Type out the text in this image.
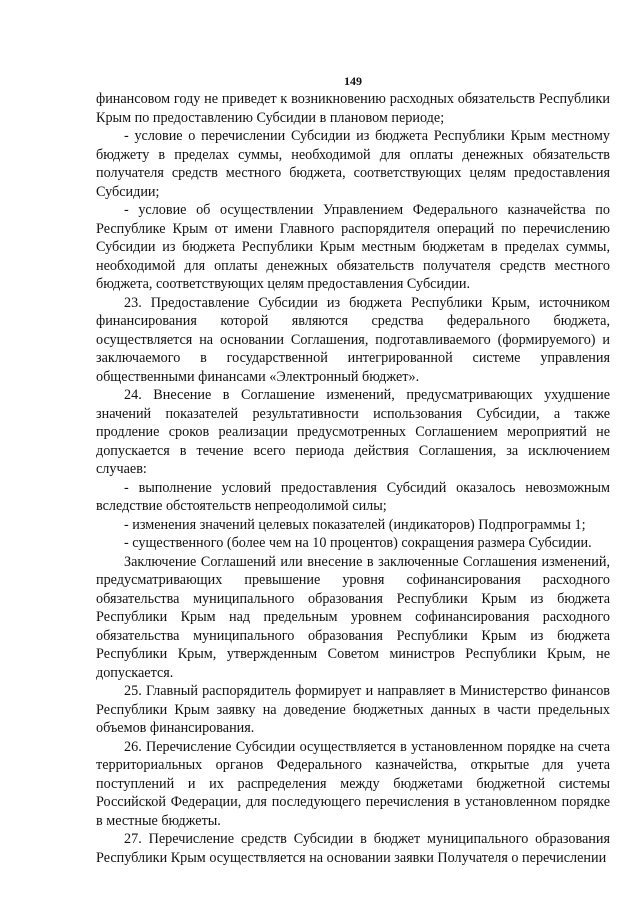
149

финансовом году не приведет к возникновению расходных обязательств Республики Крым по предоставлению Субсидии в плановом периоде;

- условие о перечислении Субсидии из бюджета Республики Крым местному бюджету в пределах суммы, необходимой для оплаты денежных обязательств получателя средств местного бюджета, соответствующих целям предоставления Субсидии;

- условие об осуществлении Управлением Федерального казначейства по Республике Крым от имени Главного распорядителя операций по перечислению Субсидии из бюджета Республики Крым местным бюджетам в пределах суммы, необходимой для оплаты денежных обязательств получателя средств местного бюджета, соответствующих целям предоставления Субсидии.

23. Предоставление Субсидии из бюджета Республики Крым, источником финансирования которой являются средства федерального бюджета, осуществляется на основании Соглашения, подготавливаемого (формируемого) и заключаемого в государственной интегрированной системе управления общественными финансами «Электронный бюджет».

24. Внесение в Соглашение изменений, предусматривающих ухудшение значений показателей результативности использования Субсидии, а также продление сроков реализации предусмотренных Соглашением мероприятий не допускается в течение всего периода действия Соглашения, за исключением случаев:

- выполнение условий предоставления Субсидий оказалось невозможным вследствие обстоятельств непреодолимой силы;

- изменения значений целевых показателей (индикаторов) Подпрограммы 1;

- существенного (более чем на 10 процентов) сокращения размера Субсидии.

Заключение Соглашений или внесение в заключенные Соглашения изменений, предусматривающих превышение уровня софинансирования расходного обязательства муниципального образования Республики Крым из бюджета Республики Крым над предельным уровнем софинансирования расходного обязательства муниципального образования Республики Крым из бюджета Республики Крым, утвержденным Советом министров Республики Крым, не допускается.

25. Главный распорядитель формирует и направляет в Министерство финансов Республики Крым заявку на доведение бюджетных данных в части предельных объемов финансирования.

26. Перечисление Субсидии осуществляется в установленном порядке на счета территориальных органов Федерального казначейства, открытые для учета поступлений и их распределения между бюджетами бюджетной системы Российской Федерации, для последующего перечисления в установленном порядке в местные бюджеты.

27. Перечисление средств Субсидии в бюджет муниципального образования Республики Крым осуществляется на основании заявки Получателя о перечислении
